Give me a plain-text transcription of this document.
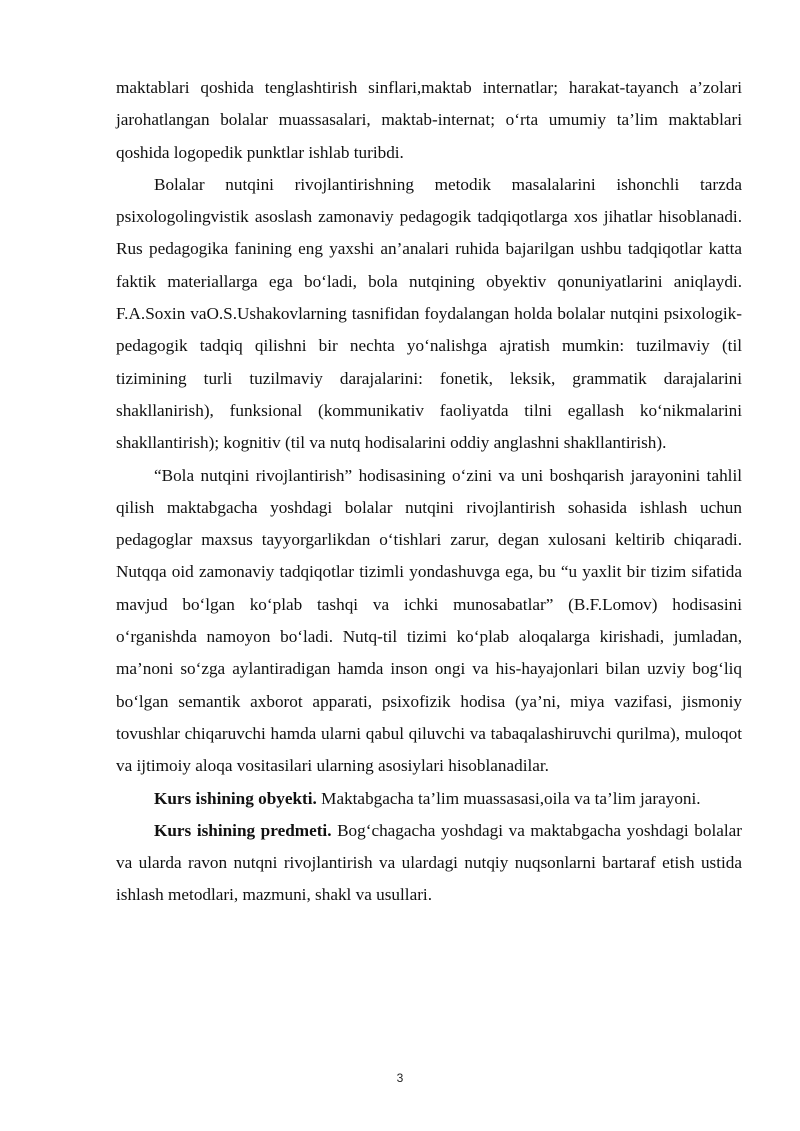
maktablari qoshida tenglashtirish sinflari,maktab internatlar; harakat-tayanch a’zolari jarohatlangan bolalar muassasalari, maktab-internat; o‘rta umumiy ta’lim maktablari qoshida logopedik punktlar ishlab turibdi.

Bolalar nutqini rivojlantirishning metodik masalalarini ishonchli tarzda psixologolingvistik asoslash zamonaviy pedagogik tadqiqotlarga xos jihatlar hisoblanadi. Rus pedagogika fanining eng yaxshi an’analari ruhida bajarilgan ushbu tadqiqotlar katta faktik materiallarga ega bo‘ladi, bola nutqining obyektiv qonuniyatlarini aniqlaydi. F.A.Soxin vaO.S.Ushakovlarning tasnifidan foydalangan holda bolalar nutqini psixologik-pedagogik tadqiq qilishni bir nechta yo‘nalishga ajratish mumkin: tuzilmaviy (til tizimining turli tuzilmaviy darajalarini: fonetik, leksik, grammatik darajalarini shakllanirish), funksional (kommunikativ faoliyatda tilni egallash ko‘nikmalarini shakllantirish); kognitiv (til va nutq hodisalarini oddiy anglashni shakllantirish).

“Bola nutqini rivojlantirish” hodisasining o‘zini va uni boshqarish jarayonini tahlil qilish maktabgacha yoshdagi bolalar nutqini rivojlantirish sohasida ishlash uchun pedagoglar maxsus tayyorgarlikdan o‘tishlari zarur, degan xulosani keltirib chiqaradi. Nutqqa oid zamonaviy tadqiqotlar tizimli yondashuvga ega, bu “u yaxlit bir tizim sifatida mavjud bo‘lgan ko‘plab tashqi va ichki munosabatlar” (B.F.Lomov) hodisasini o‘rganishda namoyon bo‘ladi. Nutq-til tizimi ko‘plab aloqalarga kirishadi, jumladan, ma’noni so‘zga aylantiradigan hamda inson ongi va his-hayajonlari bilan uzviy bog‘liq bo‘lgan semantik axborot apparati, psixofizik hodisa (ya’ni, miya vazifasi, jismoniy tovushlar chiqaruvchi hamda ularni qabul qiluvchi va tabaqalashiruvchi qurilma), muloqot va ijtimoiy aloqa vositasilari ularning asosiylari hisoblanadilar.

Kurs ishining obyekti. Maktabgacha ta’lim muassasasi,oila va ta’lim jarayoni.

Kurs ishining predmeti. Bog‘chagacha yoshdagi va maktabgacha yoshdagi bolalar va ularda ravon nutqni rivojlantirish va ulardagi nutqiy nuqsonlarni bartaraf etish ustida ishlash metodlari, mazmuni, shakl va usullari.

3
